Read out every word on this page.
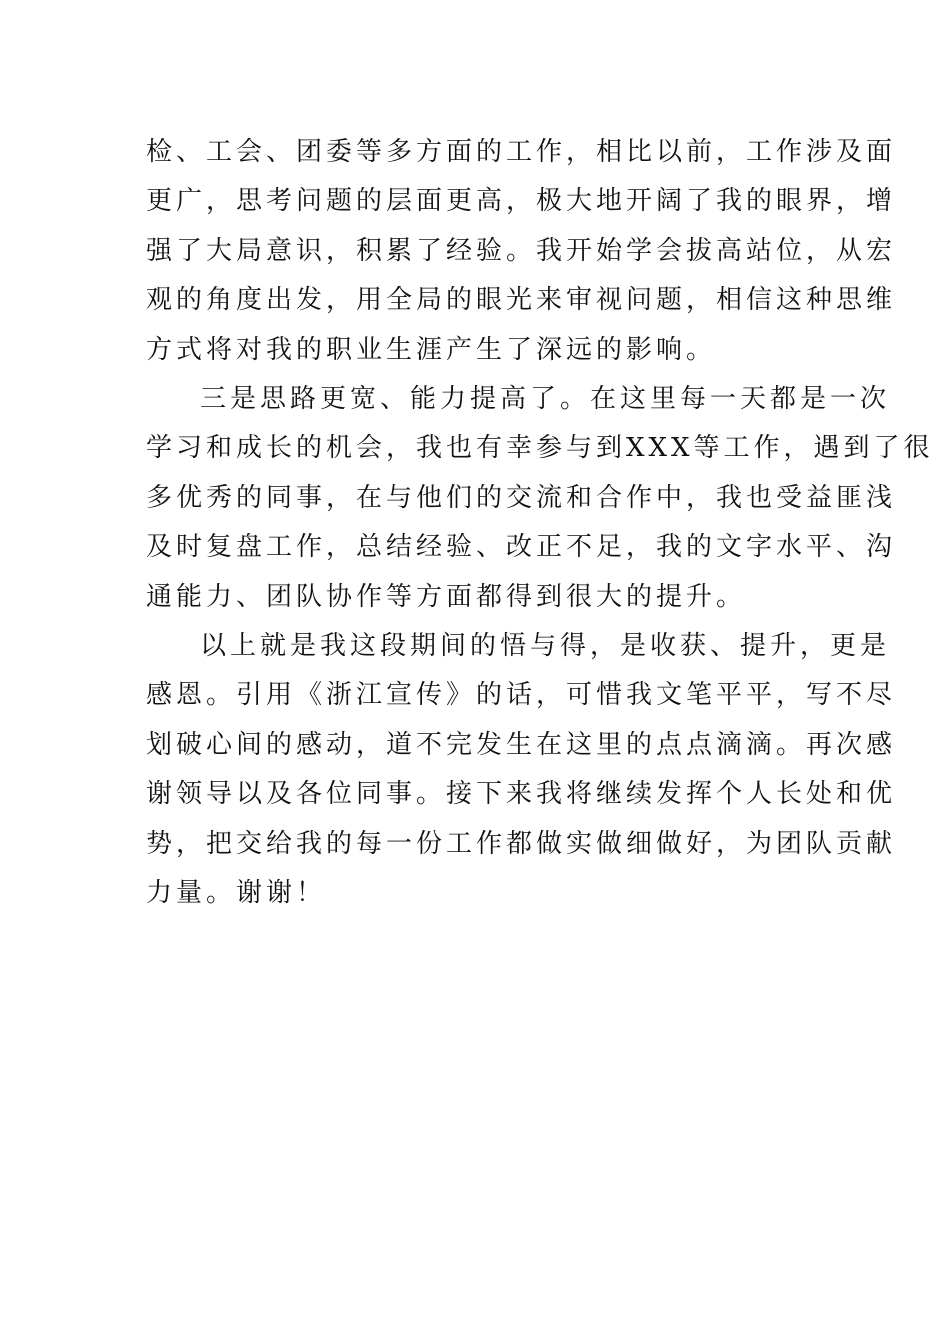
检、工会、团委等多方面的工作，相比以前，工作涉及面
更广，思考问题的层面更高，极大地开阔了我的眼界，增
强了大局意识，积累了经验。我开始学会拔高站位，从宏
观的角度出发，用全局的眼光来审视问题，相信这种思维
方式将对我的职业生涯产生了深远的影响。
三是思路更宽、能力提高了。在这里每一天都是一次
学习和成长的机会，我也有幸参与到XXX等工作，遇到了很
多优秀的同事，在与他们的交流和合作中，我也受益匪浅
及时复盘工作，总结经验、改正不足，我的文字水平、沟
通能力、团队协作等方面都得到很大的提升。
以上就是我这段期间的悟与得，是收获、提升，更是
感恩。引用《浙江宣传》的话，可惜我文笔平平，写不尽
划破心间的感动，道不完发生在这里的点点滴滴。再次感
谢领导以及各位同事。接下来我将继续发挥个人长处和优
势，把交给我的每一份工作都做实做细做好，为团队贡献
力量。谢谢！
